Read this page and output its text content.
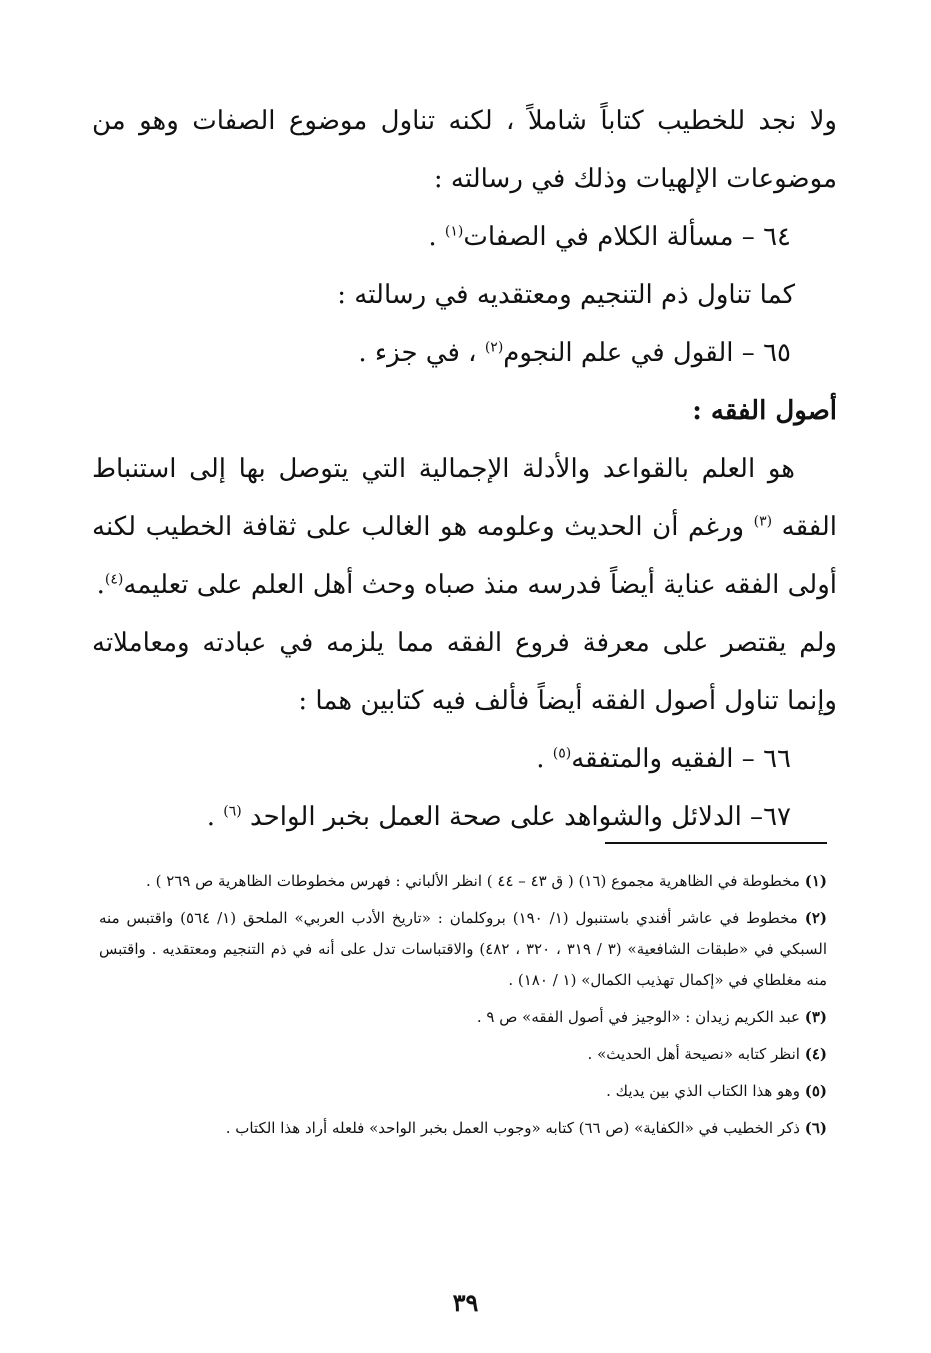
ولا نجد للخطيب كتاباً شاملاً ، لكنه تناول موضوع الصفات وهو من موضوعات الإلهيات وذلك في رسالته :

٦٤ – مسألة الكلام في الصفات$^{(١)}$ .

كما تناول ذم التنجيم ومعتقديه في رسالته :

٦٥ – القول في علم النجوم$^{(٢)}$ ، في جزء .

أصول الفقه :

هو العلم بالقواعد والأدلة الإجمالية التي يتوصل بها إلى استنباط الفقه $^{(٣)}$ ورغم أن الحديث وعلومه هو الغالب على ثقافة الخطيب لكنه أولى الفقه عناية أيضاً فدرسه منذ صباه وحث أهل العلم على تعليمه$^{(٤)}$.

ولم يقتصر على معرفة فروع الفقه مما يلزمه في عبادته ومعاملاته وإنما تناول أصول الفقه أيضاً فألف فيه كتابين هما :

٦٦ – الفقيه والمتفقه$^{(٥)}$ .

٦٧– الدلائل والشواهد على صحة العمل بخبر الواحد $^{(٦)}$ .

(١) مخطوطة في الظاهرية مجموع (١٦) ( ق ٤٣ – ٤٤ ) انظر الألباني : فهرس مخطوطات الظاهرية ص ٢٦٩ ) .

(٢) مخطوط في عاشر أفندي باستنبول (١/ ١٩٠) بروكلمان : «تاريخ الأدب العربي» الملحق (١/ ٥٦٤) واقتبس منه السبكي في «طبقات الشافعية» (٣ / ٣١٩ ، ٣٢٠ ، ٤٨٢) والاقتباسات تدل على أنه في ذم التنجيم ومعتقديه . واقتبس منه مغلطاي في «إكمال تهذيب الكمال» (١ / ١٨٠) .

(٣) عبد الكريم زيدان : «الوجيز في أصول الفقه» ص ٩ .

(٤) انظر كتابه «نصيحة أهل الحديث» .

(٥) وهو هذا الكتاب الذي بين يديك .

(٦) ذكر الخطيب في «الكفاية» (ص ٦٦) كتابه «وجوب العمل بخبر الواحد» فلعله أراد هذا الكتاب .

٣٩
